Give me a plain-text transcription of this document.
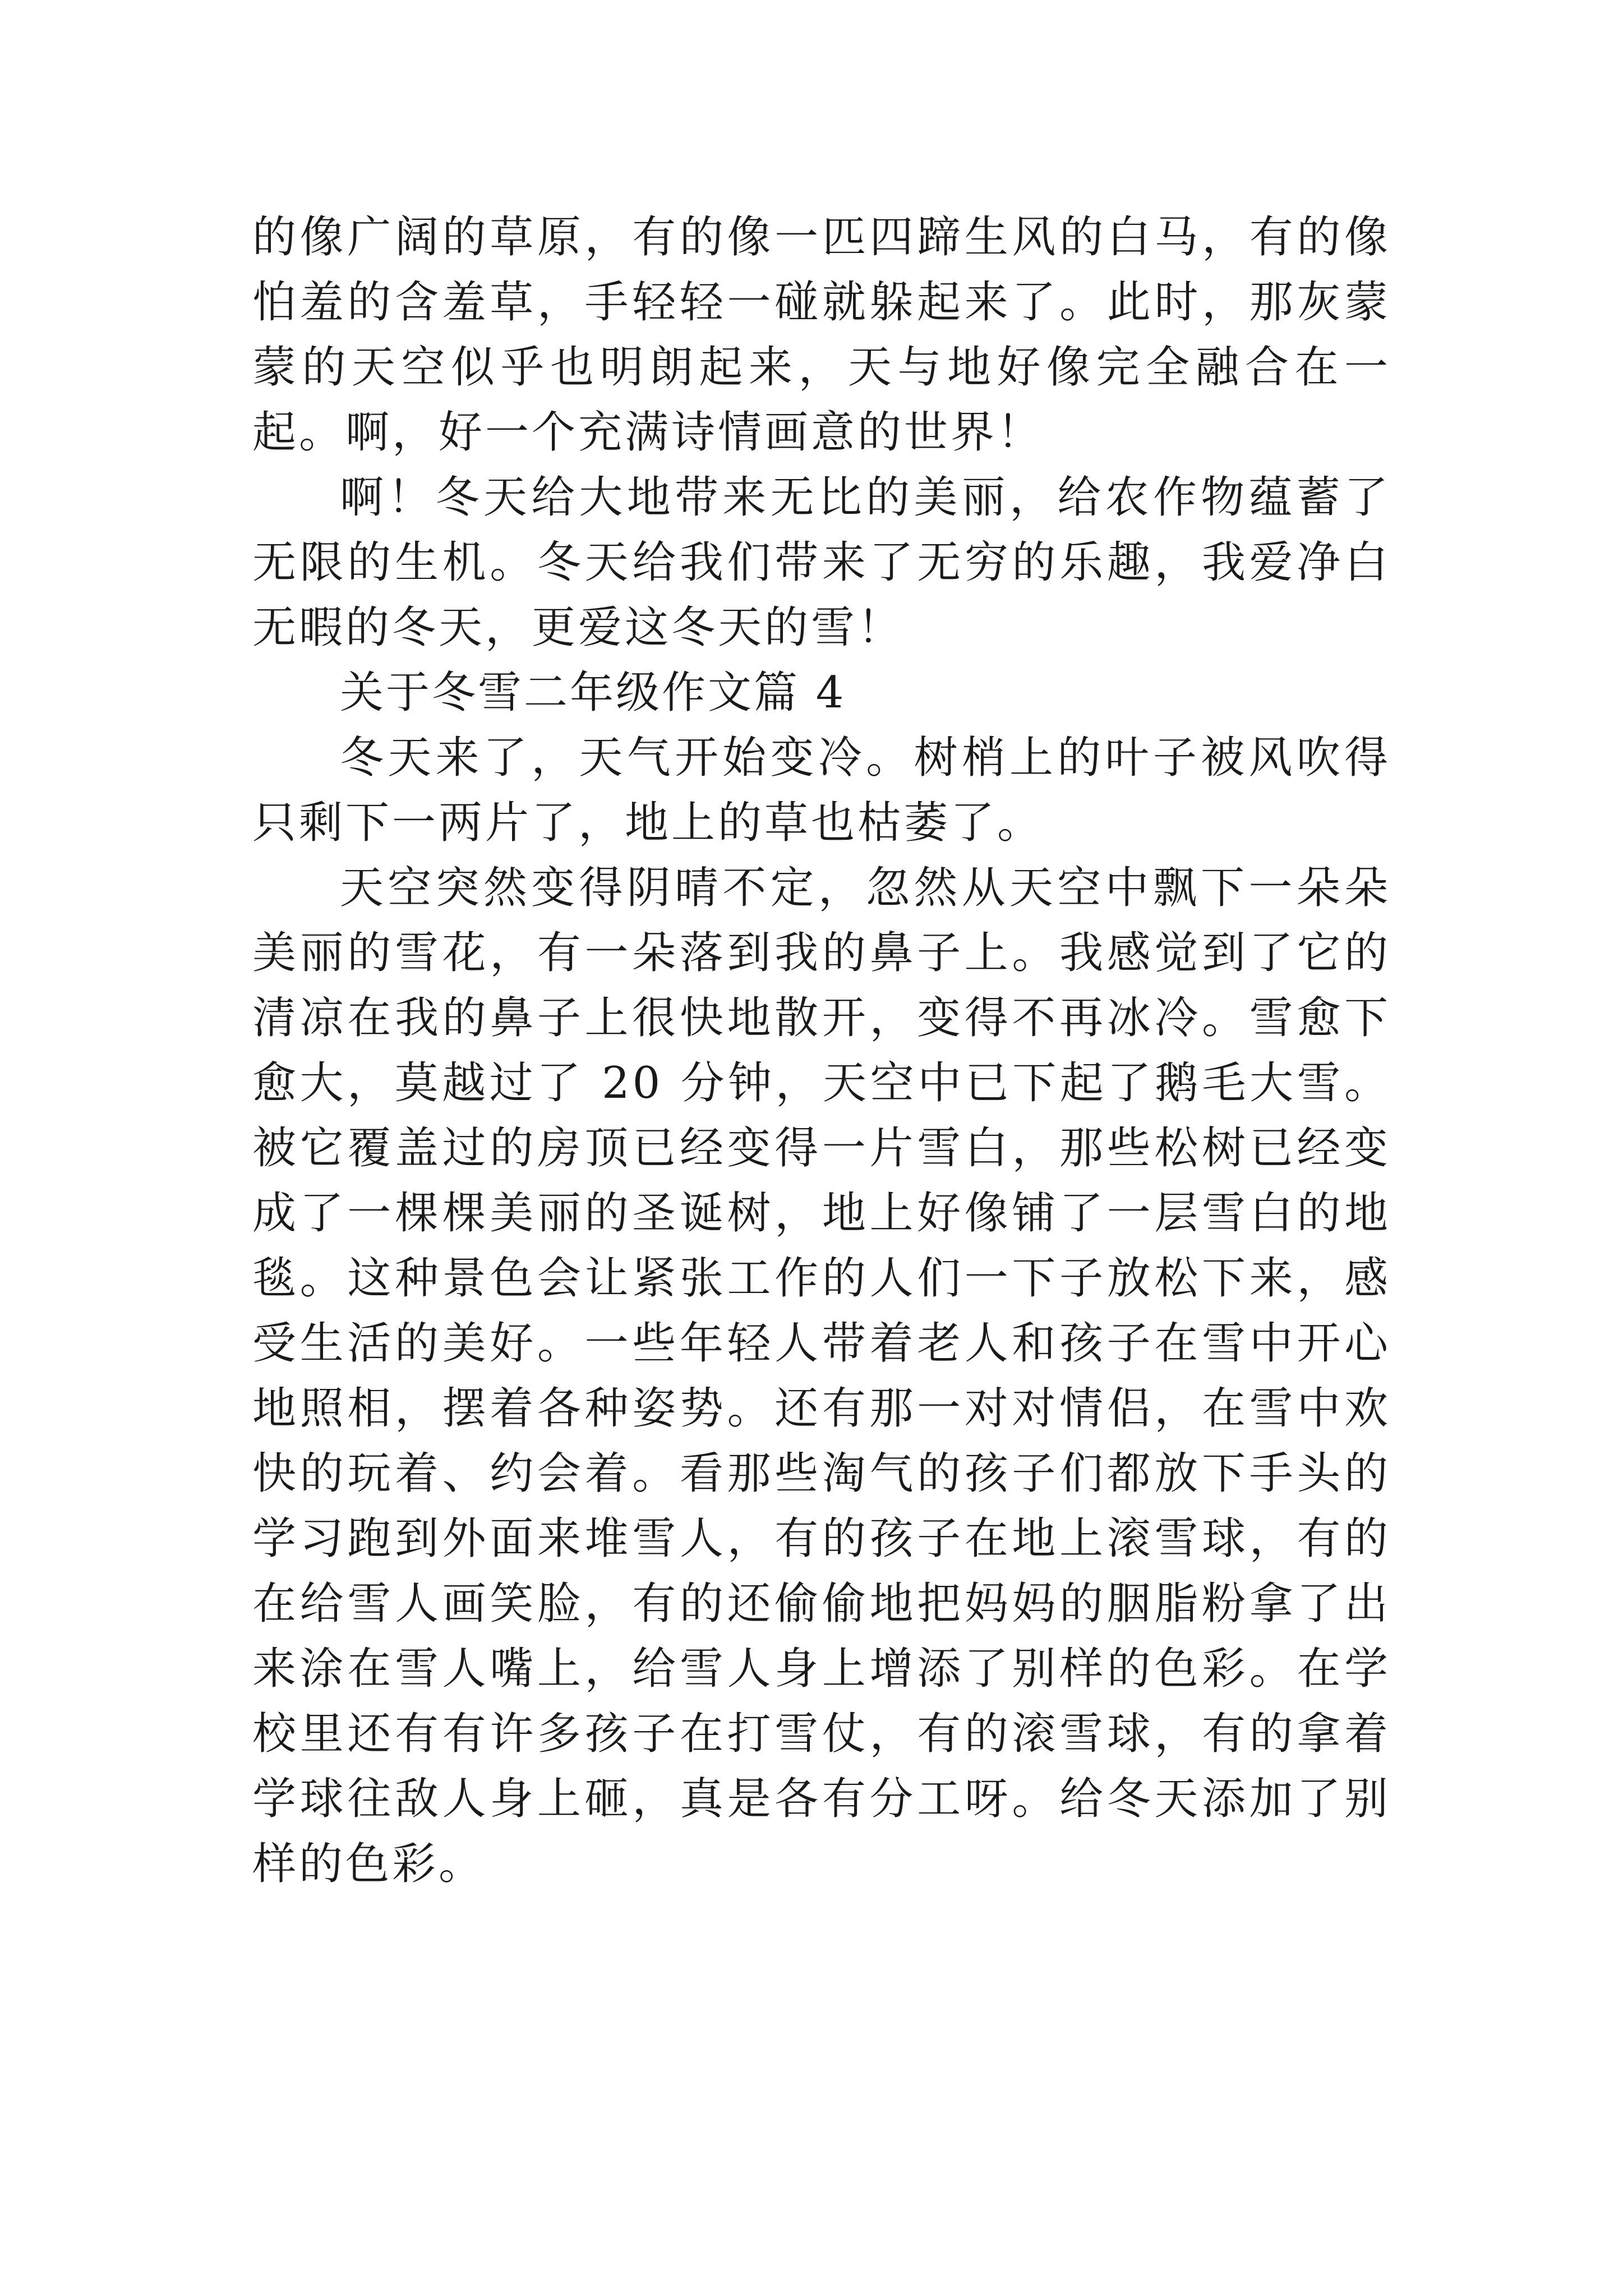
的像广阔的草原，有的像一匹四蹄生风的白马，有的像怕羞的含羞草，手轻轻一碰就躲起来了。此时，那灰蒙蒙的天空似乎也明朗起来，天与地好像完全融合在一起。啊，好一个充满诗情画意的世界！

啊！冬天给大地带来无比的美丽，给农作物蕴蓄了无限的生机。冬天给我们带来了无穷的乐趣，我爱净白无暇的冬天，更爱这冬天的雪！

关于冬雪二年级作文篇 4

冬天来了，天气开始变冷。树梢上的叶子被风吹得只剩下一两片了，地上的草也枯萎了。

天空突然变得阴晴不定，忽然从天空中飘下一朵朵美丽的雪花，有一朵落到我的鼻子上。我感觉到了它的清凉在我的鼻子上很快地散开，变得不再冰冷。雪愈下愈大，莫越过了 20 分钟，天空中已下起了鹅毛大雪。被它覆盖过的房顶已经变得一片雪白，那些松树已经变成了一棵棵美丽的圣诞树，地上好像铺了一层雪白的地毯。这种景色会让紧张工作的人们一下子放松下来，感受生活的美好。一些年轻人带着老人和孩子在雪中开心地照相，摆着各种姿势。还有那一对对情侣，在雪中欢快的玩着、约会着。看那些淘气的孩子们都放下手头的学习跑到外面来堆雪人，有的孩子在地上滚雪球，有的在给雪人画笑脸，有的还偷偷地把妈妈的胭脂粉拿了出来涂在雪人嘴上，给雪人身上增添了别样的色彩。在学校里还有有许多孩子在打雪仗，有的滚雪球，有的拿着学球往敌人身上砸，真是各有分工呀。给冬天添加了别样的色彩。
